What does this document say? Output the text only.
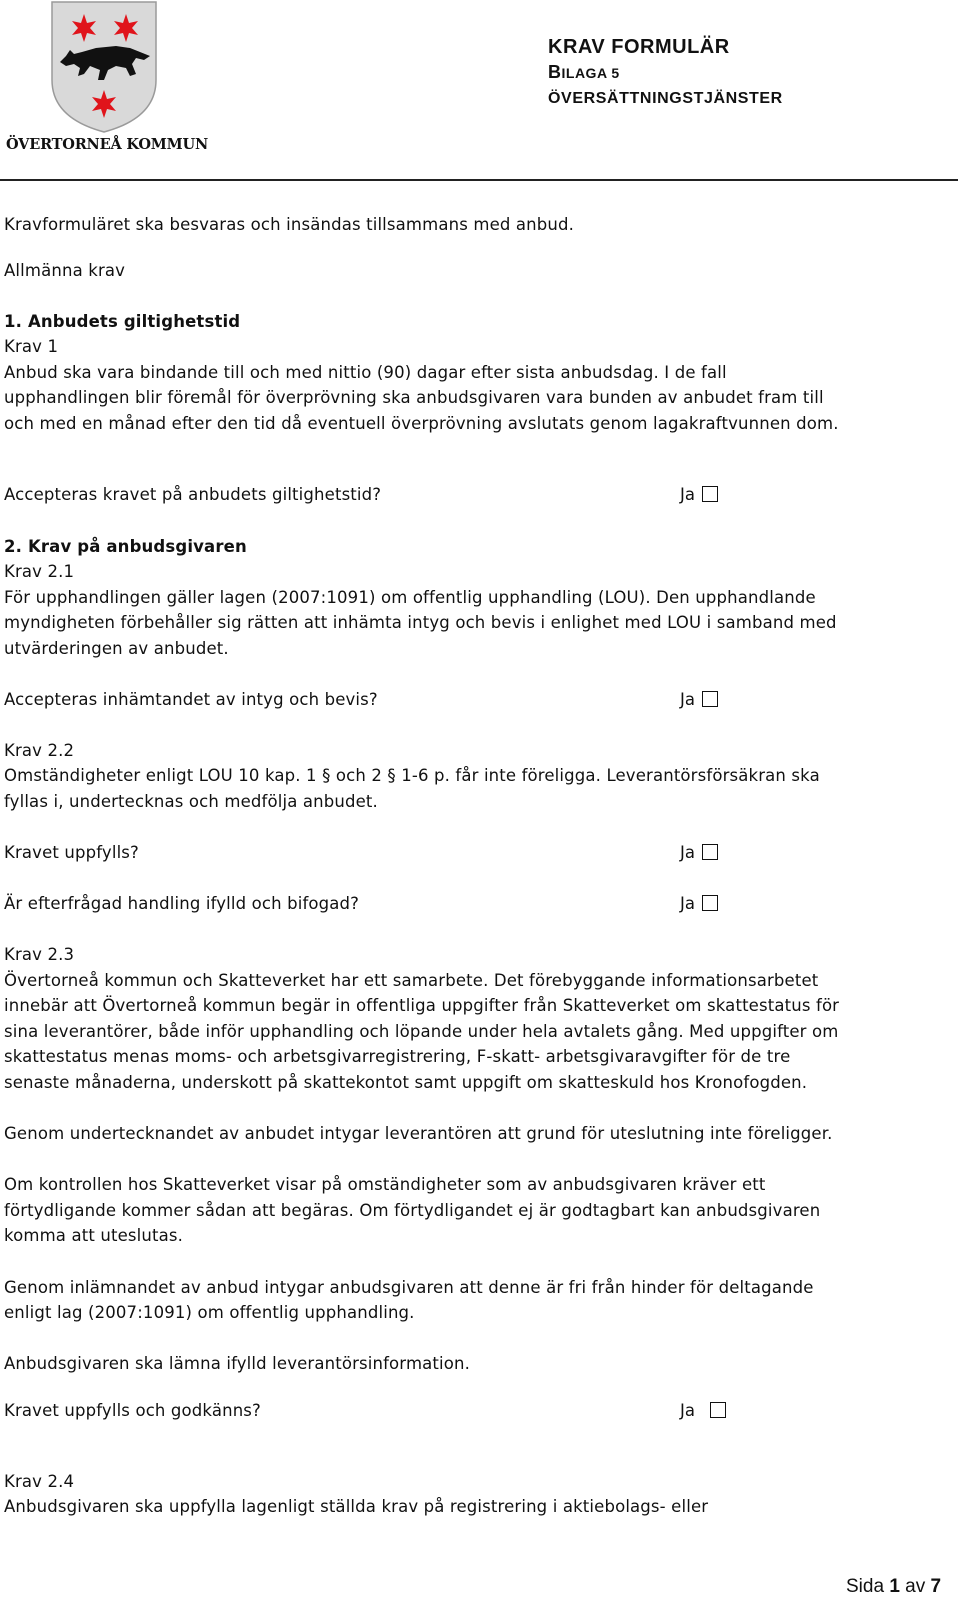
ÖVERTORNEÅ KOMMUN
KRAV FORMULÄR
BILAGA 5
ÖVERSÄTTNINGSTJÄNSTER
Kravformuläret ska besvaras och insändas tillsammans med anbud.
Allmänna krav
1. Anbudets giltighetstid
Krav 1
Anbud ska vara bindande till och med nittio (90) dagar efter sista anbudsdag. I de fall
upphandlingen blir föremål för överprövning ska anbudsgivaren vara bunden av anbudet fram till
och med en månad efter den tid då eventuell överprövning avslutats genom lagakraftvunnen dom.
Accepteras kravet på anbudets giltighetstid?	Ja
2. Krav på anbudsgivaren
Krav 2.1
För upphandlingen gäller lagen (2007:1091) om offentlig upphandling (LOU). Den upphandlande
myndigheten förbehåller sig rätten att inhämta intyg och bevis i enlighet med LOU i samband med
utvärderingen av anbudet.
Accepteras inhämtandet av intyg och bevis?	Ja
Krav 2.2
Omständigheter enligt LOU 10 kap. 1 § och 2 § 1-6 p. får inte föreligga. Leverantörsförsäkran ska
fyllas i, undertecknas och medfölja anbudet.
Kravet uppfylls?	Ja
Är efterfrågad handling ifylld och bifogad?	Ja
Krav 2.3
Övertorneå kommun och Skatteverket har ett samarbete. Det förebyggande informationsarbetet
innebär att Övertorneå kommun begär in offentliga uppgifter från Skatteverket om skattestatus för
sina leverantörer, både inför upphandling och löpande under hela avtalets gång. Med uppgifter om
skattestatus menas moms- och arbetsgivarregistrering, F-skatt- arbetsgivaravgifter för de tre
senaste månaderna, underskott på skattekontot samt uppgift om skatteskuld hos Kronofogden.
Genom undertecknandet av anbudet intygar leverantören att grund för uteslutning inte föreligger.
Om kontrollen hos Skatteverket visar på omständigheter som av anbudsgivaren kräver ett
förtydligande kommer sådan att begäras. Om förtydligandet ej är godtagbart kan anbudsgivaren
komma att uteslutas.
Genom inlämnandet av anbud intygar anbudsgivaren att denne är fri från hinder för deltagande
enligt lag (2007:1091) om offentlig upphandling.
Anbudsgivaren ska lämna ifylld leverantörsinformation.
Kravet uppfylls och godkänns?	Ja
Krav 2.4
Anbudsgivaren ska uppfylla lagenligt ställda krav på registrering i aktiebolags- eller
Sida 1 av 7
